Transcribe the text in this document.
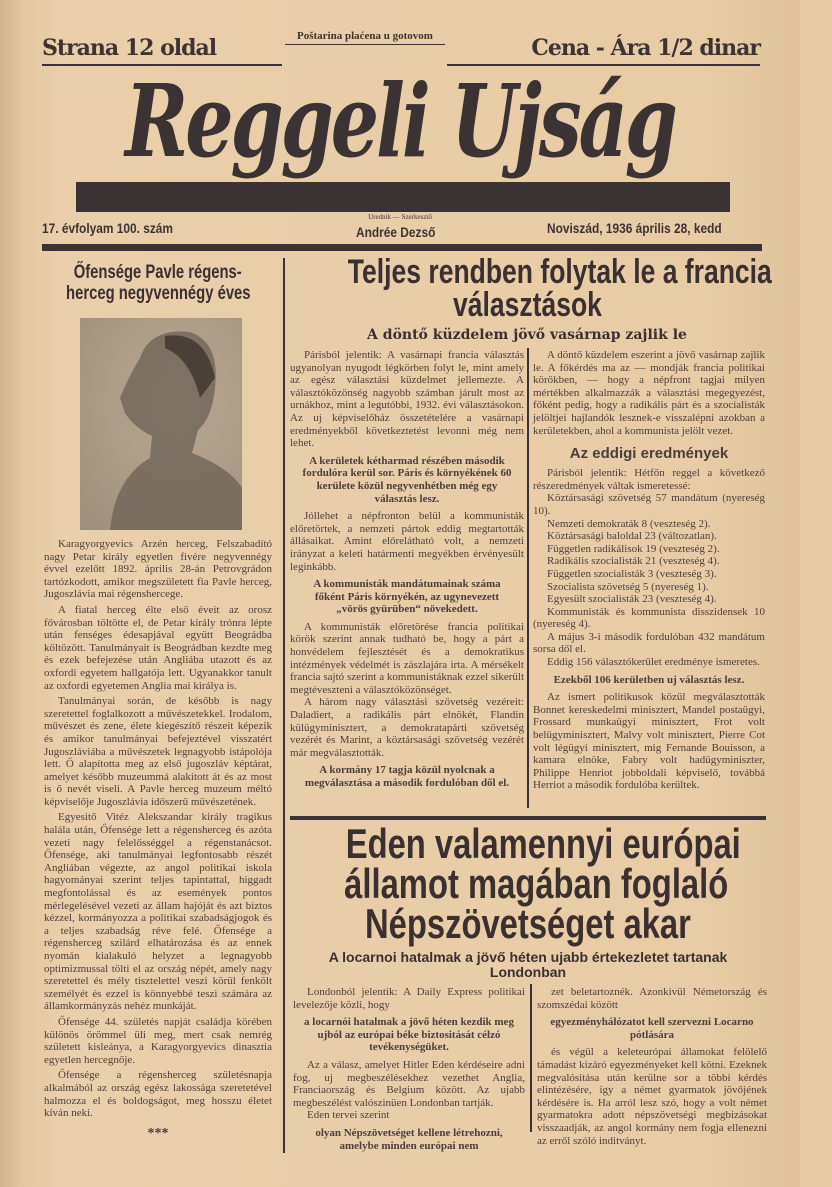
Strana 12 oldal	Poštarina plaćena u gotovom	Cena - Ára 1/2 dinar
Reggeli Ujság
17. évfolyam 100. szám
Urednik — Szerkesztő
Andrée Dezső	Noviszád, 1936 április 28, kedd
Őfensége Pavle régens-
herceg negyvennégy éves

Karagyorgyevics Arzén herceg, Felszabadító nagy Petar király egyetlen fivére negyvennégy évvel ezelőtt 1892. április 28-án Petrovgrádon tartózkodott, amikor megszületett fia Pavle herceg, Jugoszlávia mai régenshercege.

A fiatal herceg élte első éveit az orosz fővárosban töltötte el, de Petar király trónra lépte után fenséges édesapjával együtt Beográdba költözött. Tanulmányait is Beográdban kezdte meg és ezek befejezése után Angliába utazott és az oxfordi egyetem hallgatója lett. Ugyanakkor tanult az oxfordi egyetemen Anglia mai királya is.

Tanulmányai során, de később is nagy szeretettel foglalkozott a művészetekkel. Irodalom, művészet és zene, élete kiegészítő részeit képezik és amikor tanulmányai befejeztével visszatért Jugoszláviába a művészetek legnagyobb istápolója lett. Ő alapította meg az első jugoszláv képtárat, amelyet később muzeummá alakitott át és az most is ő nevét viseli. A Pavle herceg muzeum méltó képviselője Jugoszlávia időszerű művészetének.

Egyesitő Vitéz Alekszandar király tragikus halála után, Őfensége lett a régensherceg és azóta vezeti nagy felelősséggel a régenstanácsot. Őfensége, aki tanulmányai legfontosabb részét Angliában végezte, az angol politikai iskola hagyományai szerint teljes tapintattal, higgadt megfontolással és az események pontos mérlegelésével vezeti az állam hajóját és azt biztos kézzel, kormányozza a politikai szabadságjogok és a teljes szabadság réve felé. Őfensége a régensherceg szilárd elhatározása és az ennek nyomán kialakuló helyzet a legnagyobb optimizmussal tölti el az ország népét, amely nagy szeretettel és mély tisztelettel veszi körül fenkölt személyét és ezzel is könnyebbé teszi számára az államkormányzás nehéz munkáját.

Őfensége 44. születés napját családja körében különös örömmel üli meg, mert csak nemrég született kisleánya, a Karagyorgyevics dinasztia egyetlen hercegnője.

Őfensége a régensherceg születésnapja alkalmából az ország egész lakossága szeretetével halmozza el és boldogságot, meg hosszu életet kíván neki.

***
Teljes rendben folytak le a francia
választások
A döntő küzdelem jövő vasárnap zajlik le

Párisból jelentik: A vasárnapi francia választás ugyanolyan nyugodt légkörben folyt le, mint amely az egész választási küzdelmet jellemezte. A választóközönség nagyobb számban járult most az urnákhoz, mint a legutóbbi, 1932. évi választásokon. Az uj képviselőház összetételére a vasárnapi eredményekből következtetést levonni még nem lehet.

A kerületek kétharmad részében második fordulóra kerül sor. Páris és környékének 60 kerülete közül negyvenhétben még egy választás lesz.

Jóllehet a népfronton belül a kommunisták előretörtek, a nemzeti pártok eddig megtartották állásaikat. Amint előrelátható volt, a nemzeti irányzat a keleti határmenti megyékben érvényesült leginkább.

A kommunisták mandátumainak száma főként Páris környékén, az ugynevezett „vörös gyürüben“ növekedett.

A kommunisták előretörése francia politikai körök szerint annak tudható be, hogy a párt a honvédelem fejlesztését és a demokratikus intézmények védelmét is zászlajára irta. A mérsékelt francia sajtó szerint a kommunistáknak ezzel sikerült megtéveszteni a választóközönséget.

A három nagy választási szövetség vezéreit: Daladiert, a radikális párt elnökét, Flandin külügyminisztert, a demokratapárti szövetség vezérét és Marint, a köztársasági szövetség vezérét már megválasztották.

A kormány 17 tagja közül nyolcnak a megválasztása a második fordulóban dől el.

A döntő küzdelem eszerint a jövő vasárnap zajlik le. A főkérdés ma az — mondják francia politikai körökben, — hogy a népfront tagjai milyen mértékben alkalmazzák a választási megegyezést, főként pedig, hogy a radikális párt és a szocialisták jelöltjei hajlandók lesznek-e visszalépni azokban a kerületekben, ahol a kommunista jelölt vezet.

Az eddigi eredmények

Párisból jelentik: Hétfőn reggel a következő részeredmények váltak ismeretessé:

Köztársasági szövetség 57 mandátum (nyereség 10).

Nemzeti demokraták 8 (veszteség 2).

Köztársasági baloldal 23 (változatlan).

Független radikálisok 19 (veszteség 2).

Radikális szocialisták 21 (veszteség 4).

Független szocialisták 3 (veszteség 3).

Szocialista szövetség 5 (nyereség 1).

Egyesült szocialisták 23 (veszteség 4).

Kommunisták és kommunista disszidensek 10 (nyereség 4).

A május 3-i második fordulóban 432 mandátum sorsa dől el.

Eddig 156 választókerület eredménye ismeretes.

Ezekből 106 kerületben uj választás lesz.

Az ismert politikusok közül megválasztották Bonnet kereskedelmi minisztert, Mandel postaügyi, Frossard munkaügyi minisztert, Frot volt belügyminisztert, Malvy volt minisztert, Pierre Cot volt légügyi minisztert, mig Fernande Bouisson, a kamara elnöke, Fabry volt hadügyminiszter, Philippe Henriot jobboldali képviselő, továbbá Herriot a második fordulóba kerültek.

Eden valamennyi európai
államot magában foglaló
Népszövetséget akar
A locarnoi hatalmak a jövő héten ujabb értekezletet tartanak Londonban

Londonból jelentik: A Daily Express politikai levelezője közli, hogy

a locarnói hatalmak a jövő héten kezdik meg ujból az európai béke biztositását célzó tevékenységüket.

Az a válasz, amelyet Hitler Eden kérdéseire adni fog, uj megbeszélésekhez vezethet Anglia, Franciaország és Belgium között. Az ujabb megbeszélést valószinüen Londonban tartják.

Eden tervei szerint

olyan Népszövetséget kellene létrehozni, amelybe minden európai nem

zet beletartoznék. Azonkivül Németország és szomszédai között

egyezményhálózatot kell szervezni Locarno pótlására

és végül a keleteurópai államokat felölelő támadást kizáró egyezményeket kell kötni. Ezeknek megvalósitása után kerülne sor a többi kérdés elintézésére, igy a német gyarmatok jövőjének kérdésére is. Ha arról lesz szó, hogy a volt német gyarmatokra adott népszövetségi megbizásokat visszaadják, az angol kormány nem fogja ellenezni az erről szóló inditványt.
